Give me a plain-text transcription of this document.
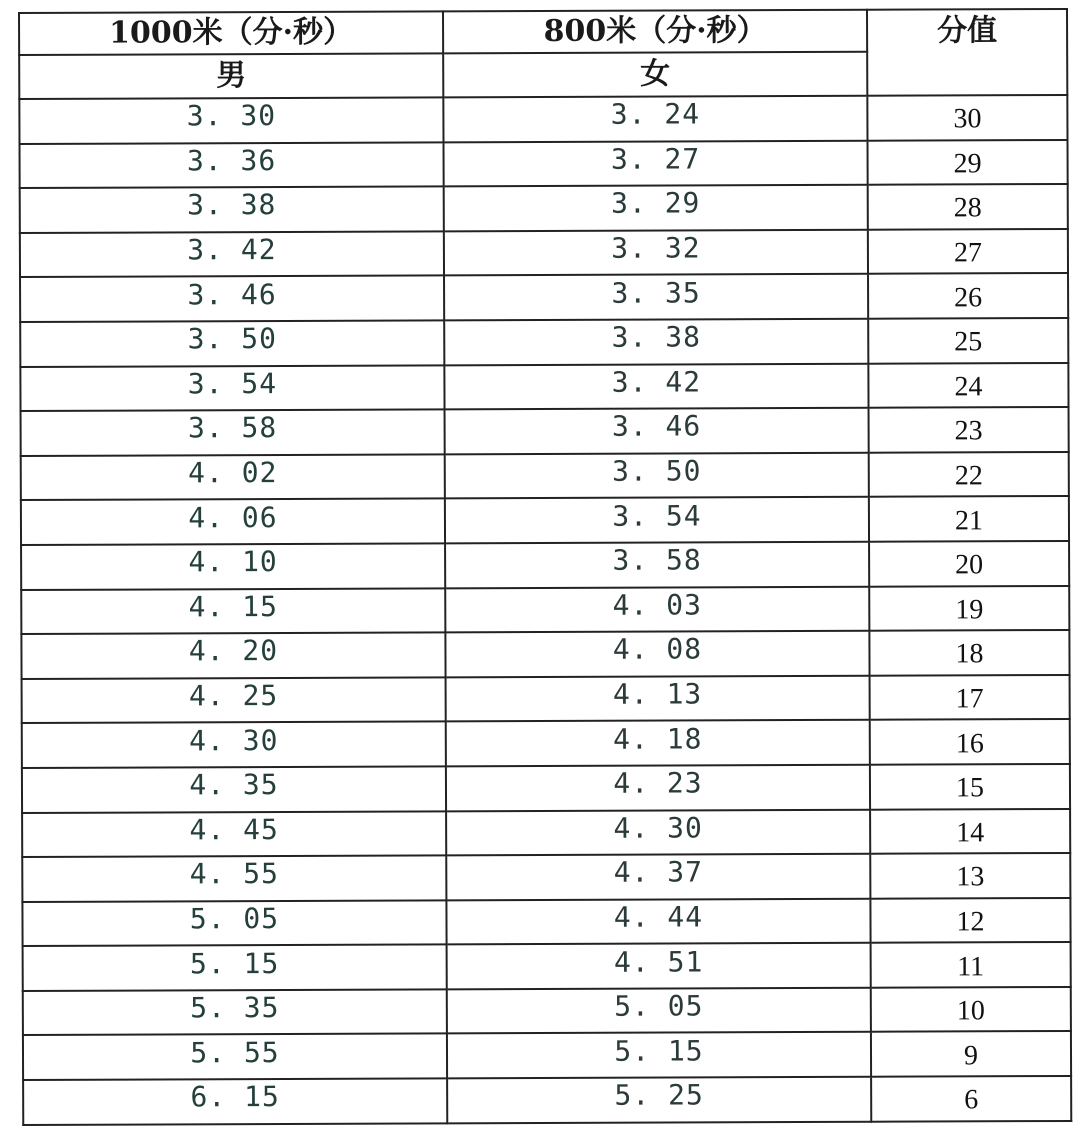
1000米（分·秒）	800米（分·秒）	分值
男	女	
3. 30	3. 24	30
3. 36	3. 27	29
3. 38	3. 29	28
3. 42	3. 32	27
3. 46	3. 35	26
3. 50	3. 38	25
3. 54	3. 42	24
3. 58	3. 46	23
4. 02	3. 50	22
4. 06	3. 54	21
4. 10	3. 58	20
4. 15	4. 03	19
4. 20	4. 08	18
4. 25	4. 13	17
4. 30	4. 18	16
4. 35	4. 23	15
4. 45	4. 30	14
4. 55	4. 37	13
5. 05	4. 44	12
5. 15	4. 51	11
5. 35	5. 05	10
5. 55	5. 15	9
6. 15	5. 25	6
